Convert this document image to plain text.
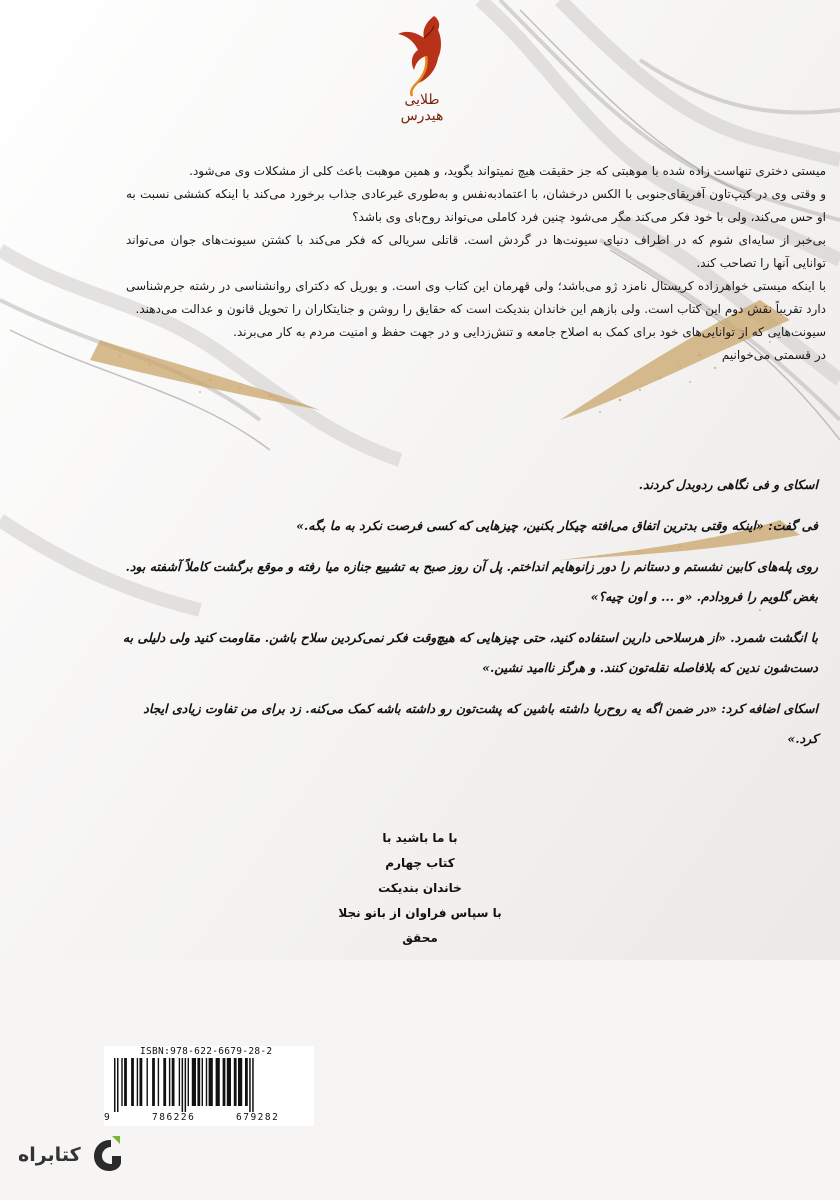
طلایی
هیدرس

میستی دختری تنهاست زاده شده با موهبتی که جز حقیقت هیچ نمیتواند بگوید، و همین موهبت باعث کلی از مشکلات وی می‌شود.

و وقتی وی در کیپ‌تاون آفریقای‌جنوبی با الکس درخشان، با اعتماد‌به‌نفس و به‌طوری غیرعادی جذاب برخورد می‌کند با اینکه کششی نسبت به او حس می‌کند، ولی با خود فکر می‌کند مگر می‌شود چنین فرد کاملی می‌تواند روح‌بای وی باشد؟

بی‌خبر از سایه‌ای شوم که در اطراف دنیای سیونت‌ها در گردش است. قاتلی سریالی که فکر می‌کند با کشتن سیونت‌های جوان می‌تواند توانایی آنها را تصاحب کند.

با اینکه میستی خواهرزاده کریستال نامزد ژو می‌باشد؛ ولی قهرمان این کتاب وی است. و یوریل که دکترای روانشناسی در رشته جرم‌شناسی دارد تقریباً نقش دوم این کتاب است. ولی بازهم این خاندان بندیکت است که حقایق را روشن و جنایتکاران را تحویل قانون و عدالت می‌دهند.

سیونت‌هایی که از توانایی‌های خود برای کمک به اصلاح جامعه و تنش‌زدایی و در جهت حفظ و امنیت مردم به کار می‌برند.

در قسمتی می‌خوانیم

اسکای و فی نگاهی ردوبدل کردند.

فی گفت: «اینکه وقتی بدترین اتفاق می‌افته چیکار بکنین، چیزهایی که کسی فرصت نکرد به ما بگه.»

روی پله‌های کابین نشستم و دستانم را دور زانوهایم انداختم. پل آن روز صبح به تشییع جنازه میا رفته و موقع برگشت کاملاً آشفته بود. بغض گلویم را فرودادم. «و ... و اون چیه؟»

با انگشت شمرد. «از هرسلاحی دارین استفاده کنید، حتی چیزهایی که هیچ‌وقت فکر نمی‌کردین سلاح باشن. مقاومت کنید ولی دلیلی به دست‌شون ندین که بلافاصله نقله‌تون کنند. و هرگز ناامید نشین.»

اسکای اضافه کرد: «در ضمن اگه یه روح‌ربا داشته باشین که پشت‌تون رو داشته باشه کمک می‌کنه. زد برای من تفاوت زیادی ایجاد کرد.»

با ما باشید با
کتاب چهارم
خاندان بندیکت
با سپاس فراوان از بانو نجلا محقق
ISBN:978-622-6679-28-2
9	786226	679282
کتابراه
